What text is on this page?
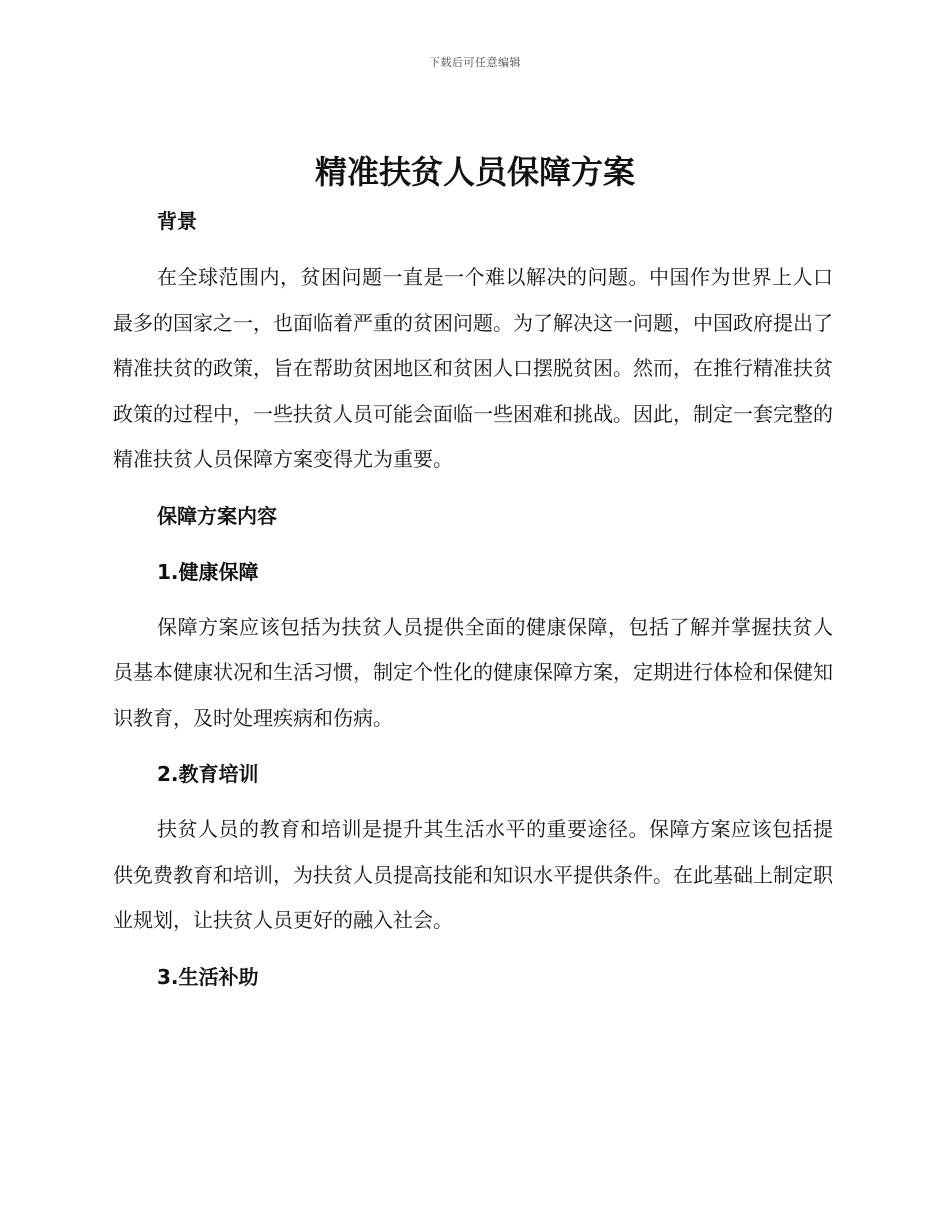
下载后可任意编辑
精准扶贫人员保障方案

背景

在全球范围内，贫困问题一直是一个难以解决的问题。中国作为世界上人口最多的国家之一，也面临着严重的贫困问题。为了解决这一问题，中国政府提出了精准扶贫的政策，旨在帮助贫困地区和贫困人口摆脱贫困。然而，在推行精准扶贫政策的过程中，一些扶贫人员可能会面临一些困难和挑战。因此，制定一套完整的精准扶贫人员保障方案变得尤为重要。

保障方案内容

1.健康保障

保障方案应该包括为扶贫人员提供全面的健康保障，包括了解并掌握扶贫人员基本健康状况和生活习惯，制定个性化的健康保障方案，定期进行体检和保健知识教育，及时处理疾病和伤病。

2.教育培训

扶贫人员的教育和培训是提升其生活水平的重要途径。保障方案应该包括提供免费教育和培训，为扶贫人员提高技能和知识水平提供条件。在此基础上制定职业规划，让扶贫人员更好的融入社会。

3.生活补助
